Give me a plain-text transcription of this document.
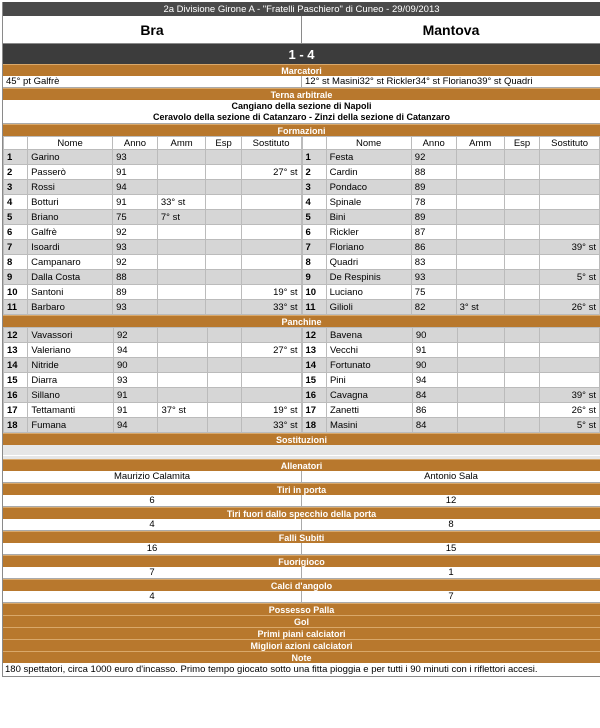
2a Divisione Girone A - "Fratelli Paschiero" di Cuneo - 29/09/2013
Bra	Mantova
1 - 4
Marcatori
45° pt Galfrè	12° st Masini32° st Rickler34° st Floriano39° st Quadri
Terna arbitrale
Cangiano della sezione di Napoli
Ceravolo della sezione di Catanzaro - Zinzi della sezione di Catanzaro
Formazioni
	Nome	Anno	Amm	Esp	Sostituto
1	Garino	93			
2	Passerò	91			27° st
3	Rossi	94			
4	Botturi	91	33° st		
5	Briano	75	7° st		
6	Galfrè	92			
7	Isoardi	93			
8	Campanaro	92			
9	Dalla Costa	88			
10	Santoni	89			19° st
11	Barbaro	93			33° st
	Nome	Anno	Amm	Esp	Sostituto
1	Festa	92			
2	Cardin	88			
3	Pondaco	89			
4	Spinale	78			
5	Bini	89			
6	Rickler	87			
7	Floriano	86			39° st
8	Quadri	83			
9	De Respinis	93			5° st
10	Luciano	75			
11	Gilioli	82	3° st		26° st
Panchine
12	Vavassori	92			
13	Valeriano	94			27° st
14	Nitride	90			
15	Diarra	93			
16	Sillano	91			
17	Tettamanti	91	37° st		19° st
18	Fumana	94			33° st
12	Bavena	90			
13	Vecchi	91			
14	Fortunato	90			
15	Pini	94			
16	Cavagna	84			39° st
17	Zanetti	86			26° st
18	Masini	84			5° st
Sostituzioni
Allenatori
Maurizio Calamita	Antonio Sala
Tiri in porta
6	12
Tiri fuori dallo specchio della porta
4	8
Falli Subiti
16	15
Fuorigioco
7	1
Calci d'angolo
4	7
Possesso Palla
Gol
Primi piani calciatori
Migliori azioni calciatori
Note
180 spettatori, circa 1000 euro d'incasso. Primo tempo giocato sotto una fitta pioggia e per tutti i 90 minuti con i riflettori accesi.
